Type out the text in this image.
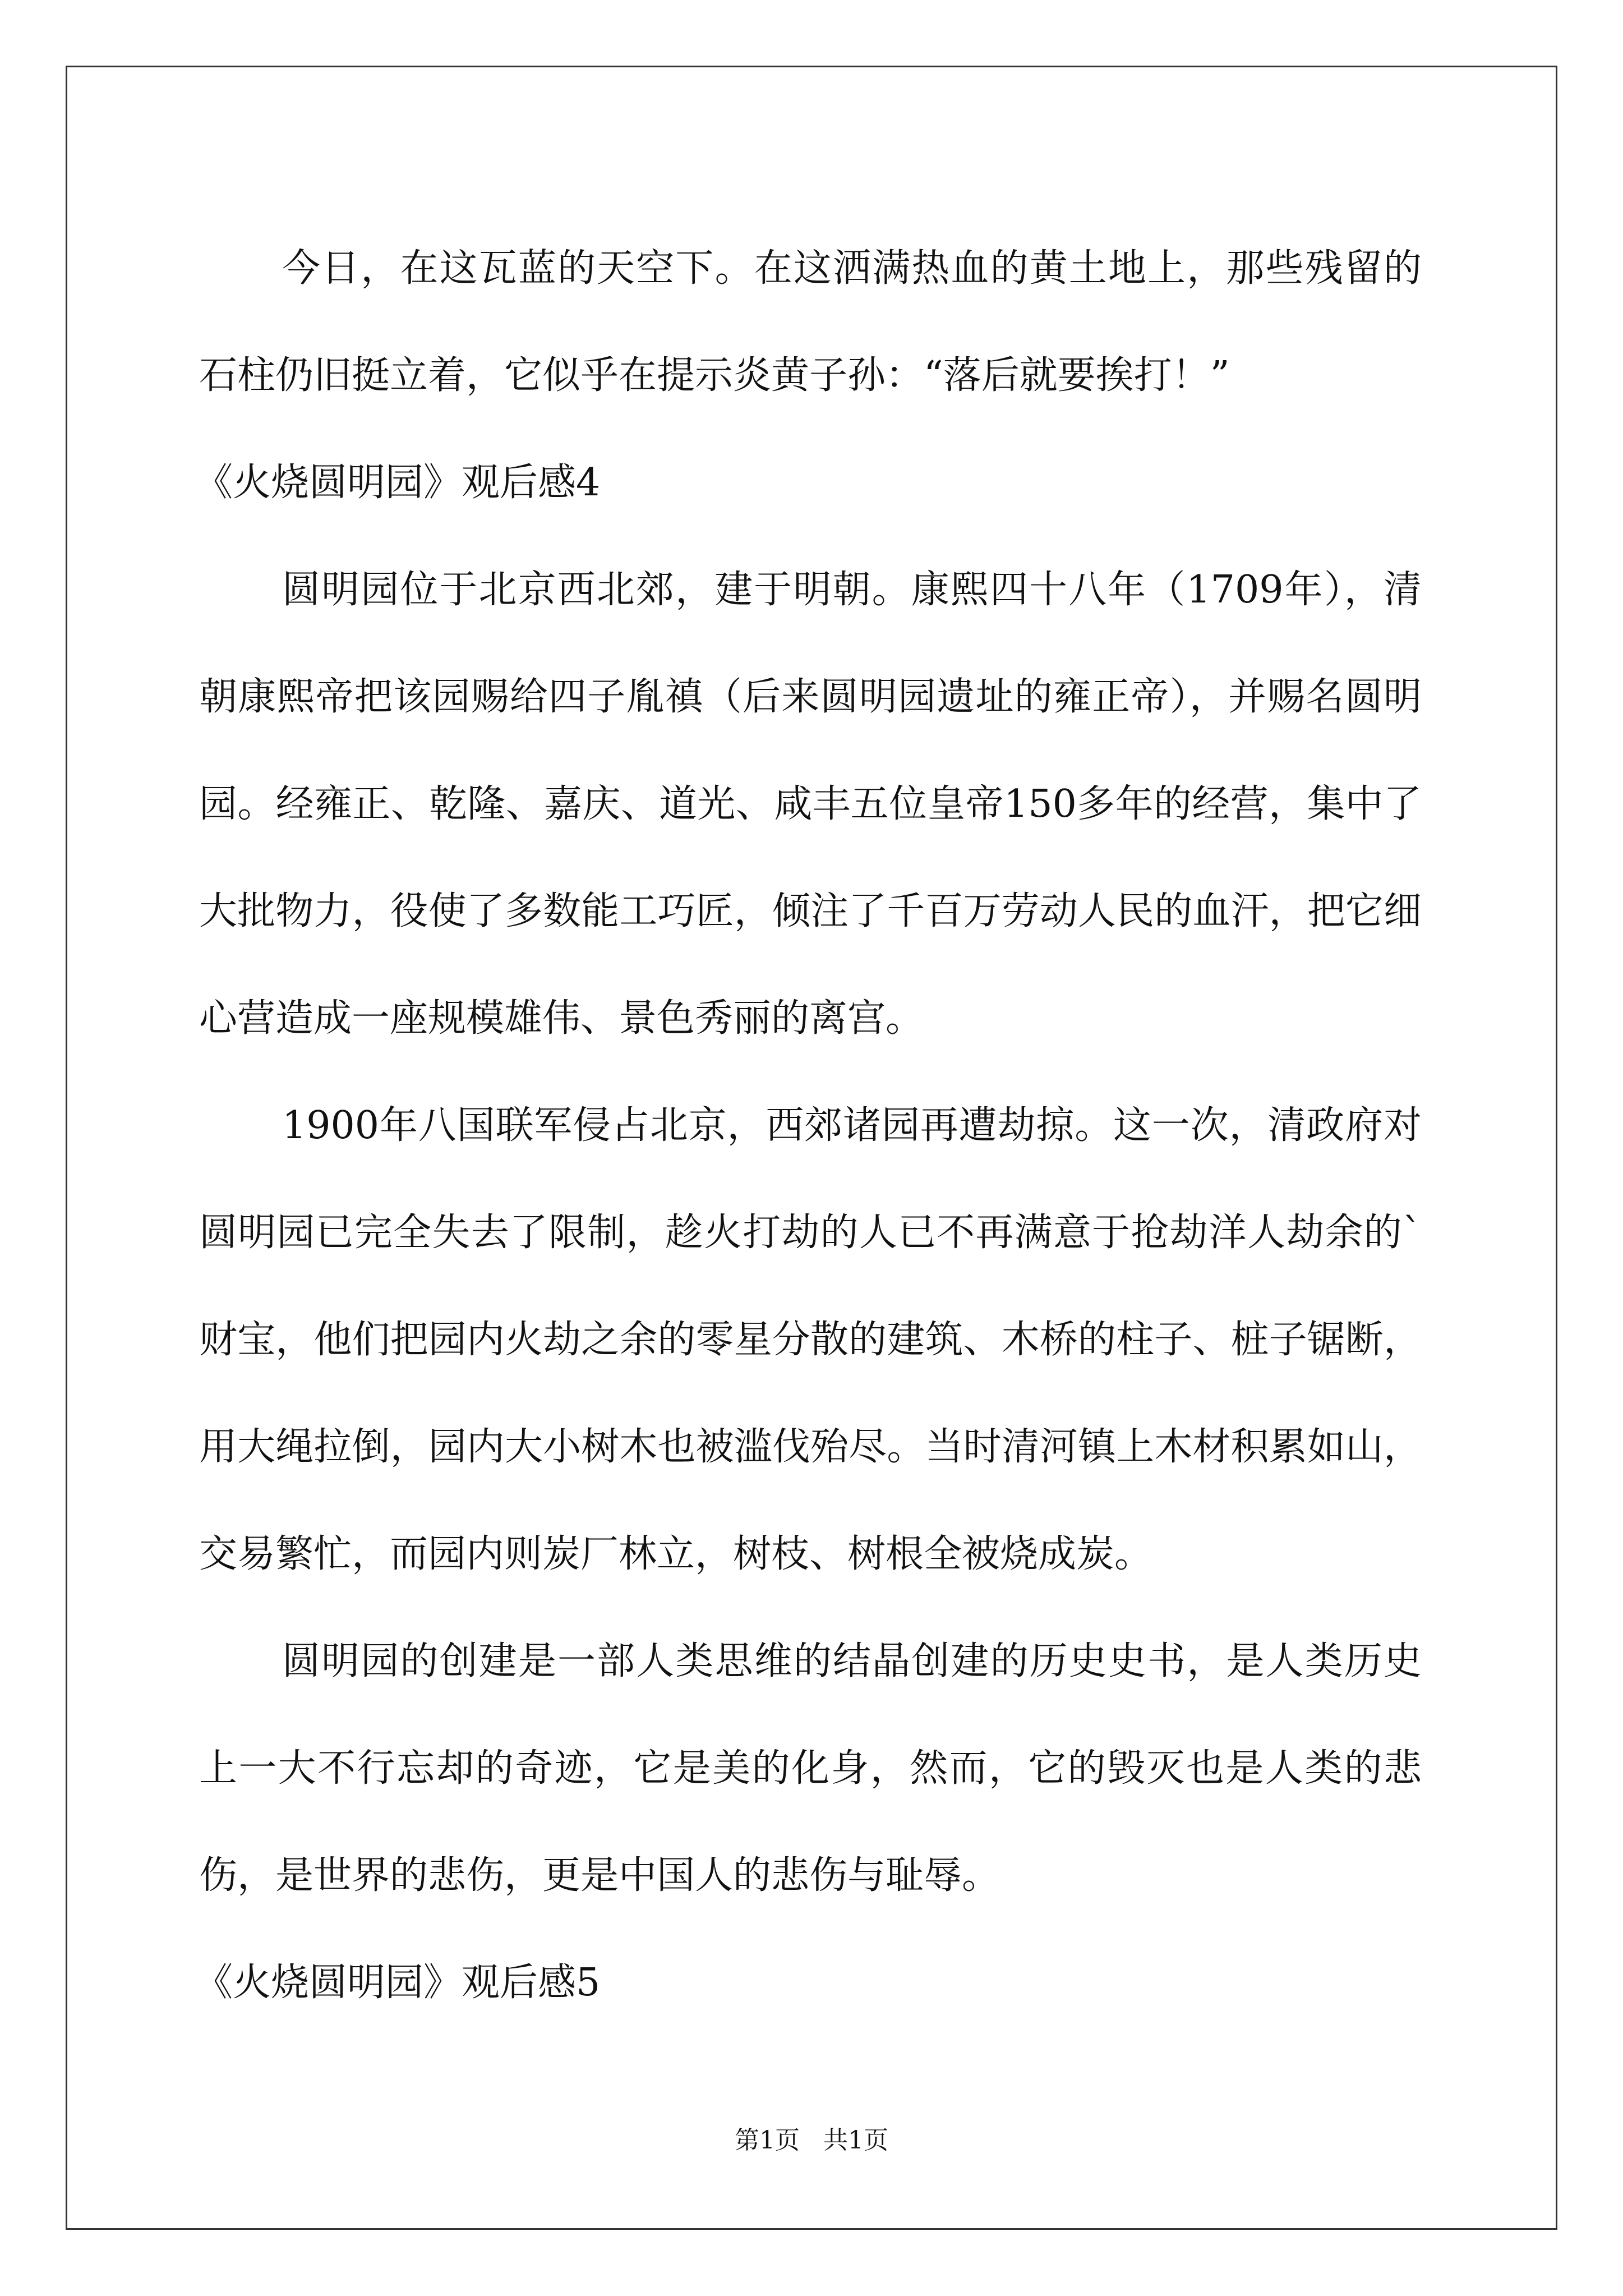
今日，在这瓦蓝的天空下。在这洒满热血的黄土地上，那些残留的石柱仍旧挺立着，它似乎在提示炎黄子孙：“落后就要挨打！”

《火烧圆明园》观后感4

圆明园位于北京西北郊，建于明朝。康熙四十八年（1709年），清朝康熙帝把该园赐给四子胤禛（后来圆明园遗址的雍正帝），并赐名圆明园。经雍正、乾隆、嘉庆、道光、咸丰五位皇帝150多年的经营，集中了大批物力，役使了多数能工巧匠，倾注了千百万劳动人民的血汗，把它细心营造成一座规模雄伟、景色秀丽的离宫。

1900年八国联军侵占北京，西郊诸园再遭劫掠。这一次，清政府对圆明园已完全失去了限制，趁火打劫的人已不再满意于抢劫洋人劫余的`财宝，他们把园内火劫之余的零星分散的建筑、木桥的柱子、桩子锯断，用大绳拉倒，园内大小树木也被滥伐殆尽。当时清河镇上木材积累如山，交易繁忙，而园内则炭厂林立，树枝、树根全被烧成炭。

圆明园的创建是一部人类思维的结晶创建的历史史书，是人类历史上一大不行忘却的奇迹，它是美的化身，然而，它的毁灭也是人类的悲伤，是世界的悲伤，更是中国人的悲伤与耻辱。

《火烧圆明园》观后感5

第1页   共1页
